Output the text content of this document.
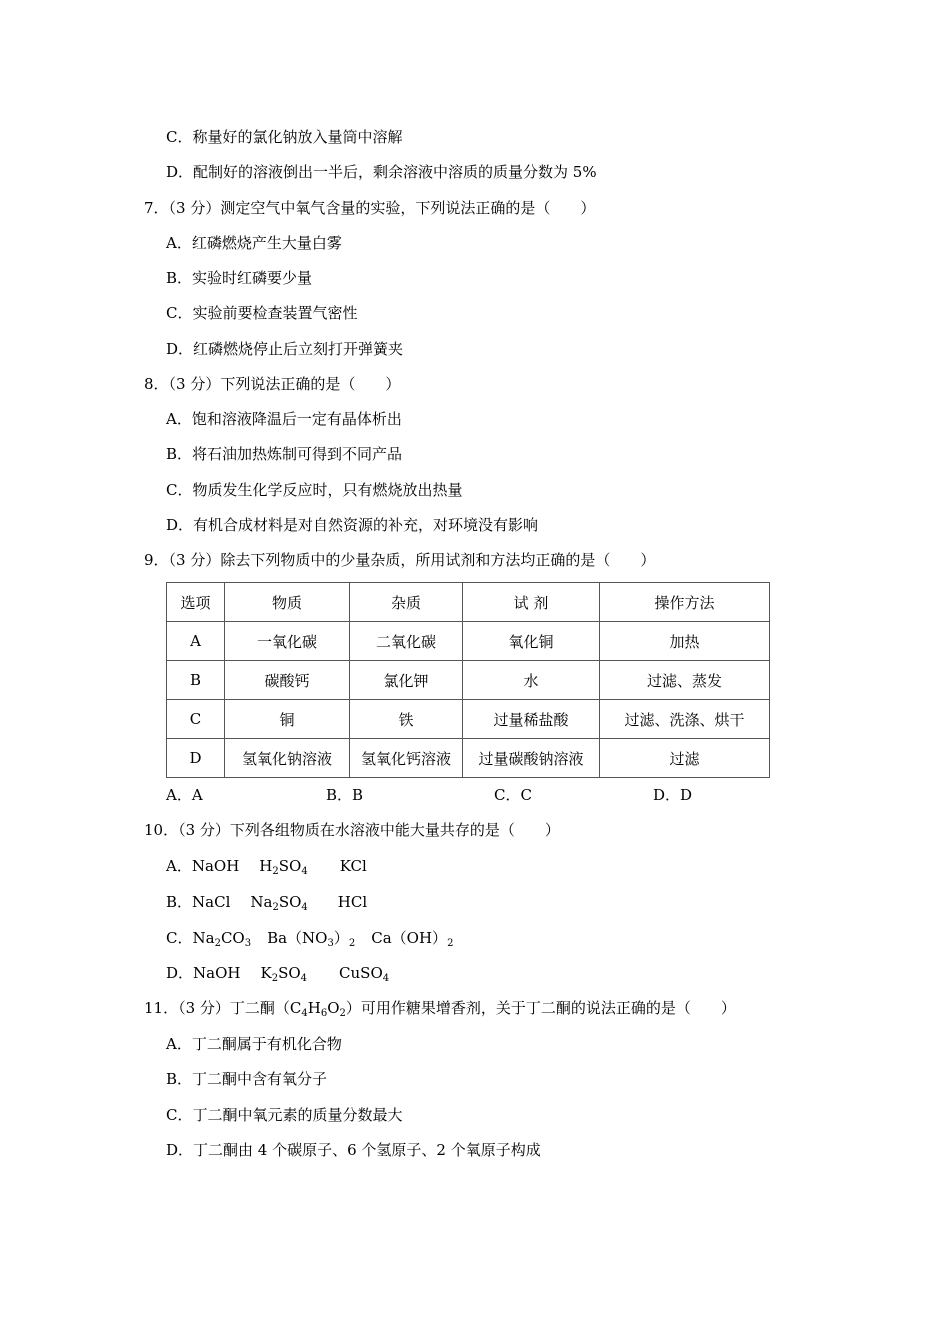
C．称量好的氯化钠放入量筒中溶解
D．配制好的溶液倒出一半后，剩余溶液中溶质的质量分数为 5%
7．（3 分）测定空气中氧气含量的实验，下列说法正确的是（　　）
A．红磷燃烧产生大量白雾
B．实验时红磷要少量
C．实验前要检查装置气密性
D．红磷燃烧停止后立刻打开弹簧夹
8．（3 分）下列说法正确的是（　　）
A．饱和溶液降温后一定有晶体析出
B．将石油加热炼制可得到不同产品
C．物质发生化学反应时，只有燃烧放出热量
D．有机合成材料是对自然资源的补充，对环境没有影响
9．（3 分）除去下列物质中的少量杂质，所用试剂和方法均正确的是（　　）
选项	物质	杂质	试 剂	操作方法
A	一氧化碳	二氧化碳	氧化铜	加热
B	碳酸钙	氯化钾	水	过滤、蒸发
C	铜	铁	过量稀盐酸	过滤、洗涤、烘干
D	氢氧化钠溶液	氢氧化钙溶液	过量碳酸钠溶液	过滤
A．A	B．B	C．C	D．D
10．（3 分）下列各组物质在水溶液中能大量共存的是（　　）
A．NaOH $H_2SO_4$ KCl
B．NaCl $Na_2SO_4$ HCl
C．$Na_2CO_3$ $Ba(NO_3)_2$ $Ca(OH)_2$
D．NaOH $K_2SO_4$ CuSO$_4$
11．（3 分）丁二酮$(C_4H_6O_2)$可用作糖果增香剂，关于丁二酮的说法正确的是（　　）
A．丁二酮属于有机化合物
B．丁二酮中含有氧分子
C．丁二酮中氧元素的质量分数最大
D．丁二酮由 4 个碳原子、6 个氢原子、2 个氧原子构成
